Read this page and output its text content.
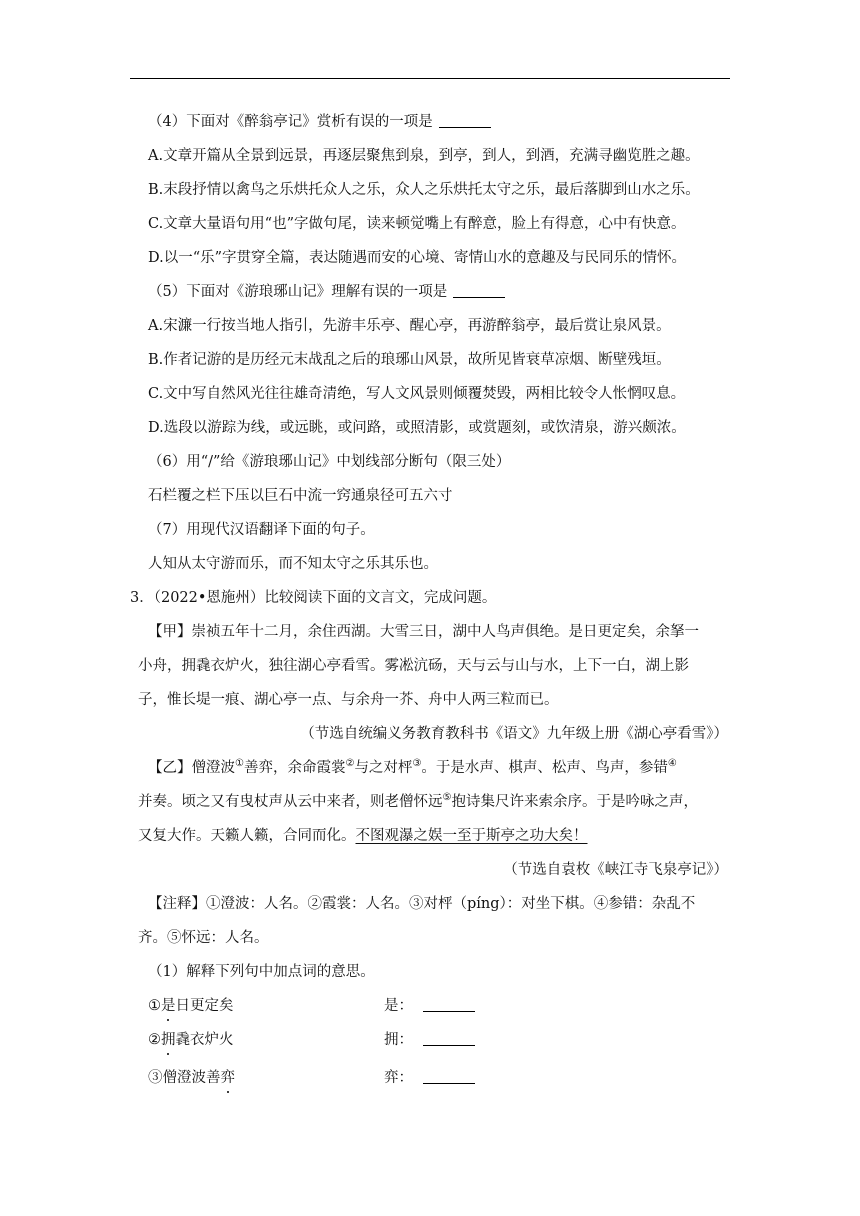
（4）下面对《醉翁亭记》赏析有误的一项是
A.文章开篇从全景到远景，再逐层聚焦到泉，到亭，到人，到酒，充满寻幽览胜之趣。
B.末段抒情以禽鸟之乐烘托众人之乐，众人之乐烘托太守之乐，最后落脚到山水之乐。
C.文章大量语句用“也”字做句尾，读来顿觉嘴上有醉意，脸上有得意，心中有快意。
D.以一“乐”字贯穿全篇，表达随遇而安的心境、寄情山水的意趣及与民同乐的情怀。
（5）下面对《游琅琊山记》理解有误的一项是
A.宋濂一行按当地人指引，先游丰乐亭、醒心亭，再游醉翁亭，最后赏让泉风景。
B.作者记游的是历经元末战乱之后的琅琊山风景，故所见皆衰草凉烟、断壁残垣。
C.文中写自然风光往往雄奇清绝，写人文风景则倾覆焚毁，两相比较令人怅惘叹息。
D.选段以游踪为线，或远眺，或问路，或照清影，或赏题刻，或饮清泉，游兴颇浓。
（6）用“/”给《游琅琊山记》中划线部分断句（限三处）
石栏覆之栏下压以巨石中流一窍通泉径可五六寸
（7）用现代汉语翻译下面的句子。
人知从太守游而乐，而不知太守之乐其乐也。
3．（2022•恩施州）比较阅读下面的文言文，完成问题。
【甲】崇祯五年十二月，余住西湖。大雪三日，湖中人鸟声俱绝。是日更定矣，余拏一
小舟，拥毳衣炉火，独往湖心亭看雪。雾凇沆砀，天与云与山与水，上下一白，湖上影
子，惟长堤一痕、湖心亭一点、与余舟一芥、舟中人两三粒而已。
（节选自统编义务教育教科书《语文》九年级上册《湖心亭看雪》）
【乙】僧澄波①善弈，余命霞裳②与之对枰③。于是水声、棋声、松声、鸟声，参错④
并奏。顷之又有曳杖声从云中来者，则老僧怀远⑤抱诗集尺许来索余序。于是吟咏之声，
又复大作。天籁人籁，合同而化。不图观瀑之娱一至于斯亭之功大矣！
（节选自袁枚《峡江寺飞泉亭记》）
【注释】①澄波：人名。②霞裳：人名。③对枰（píng）：对坐下棋。④参错：杂乱不
齐。⑤怀远：人名。
（1）解释下列句中加点词的意思。
①是日更定矣	是：
②拥毳衣炉火	拥：
③僧澄波善弈	弈：
